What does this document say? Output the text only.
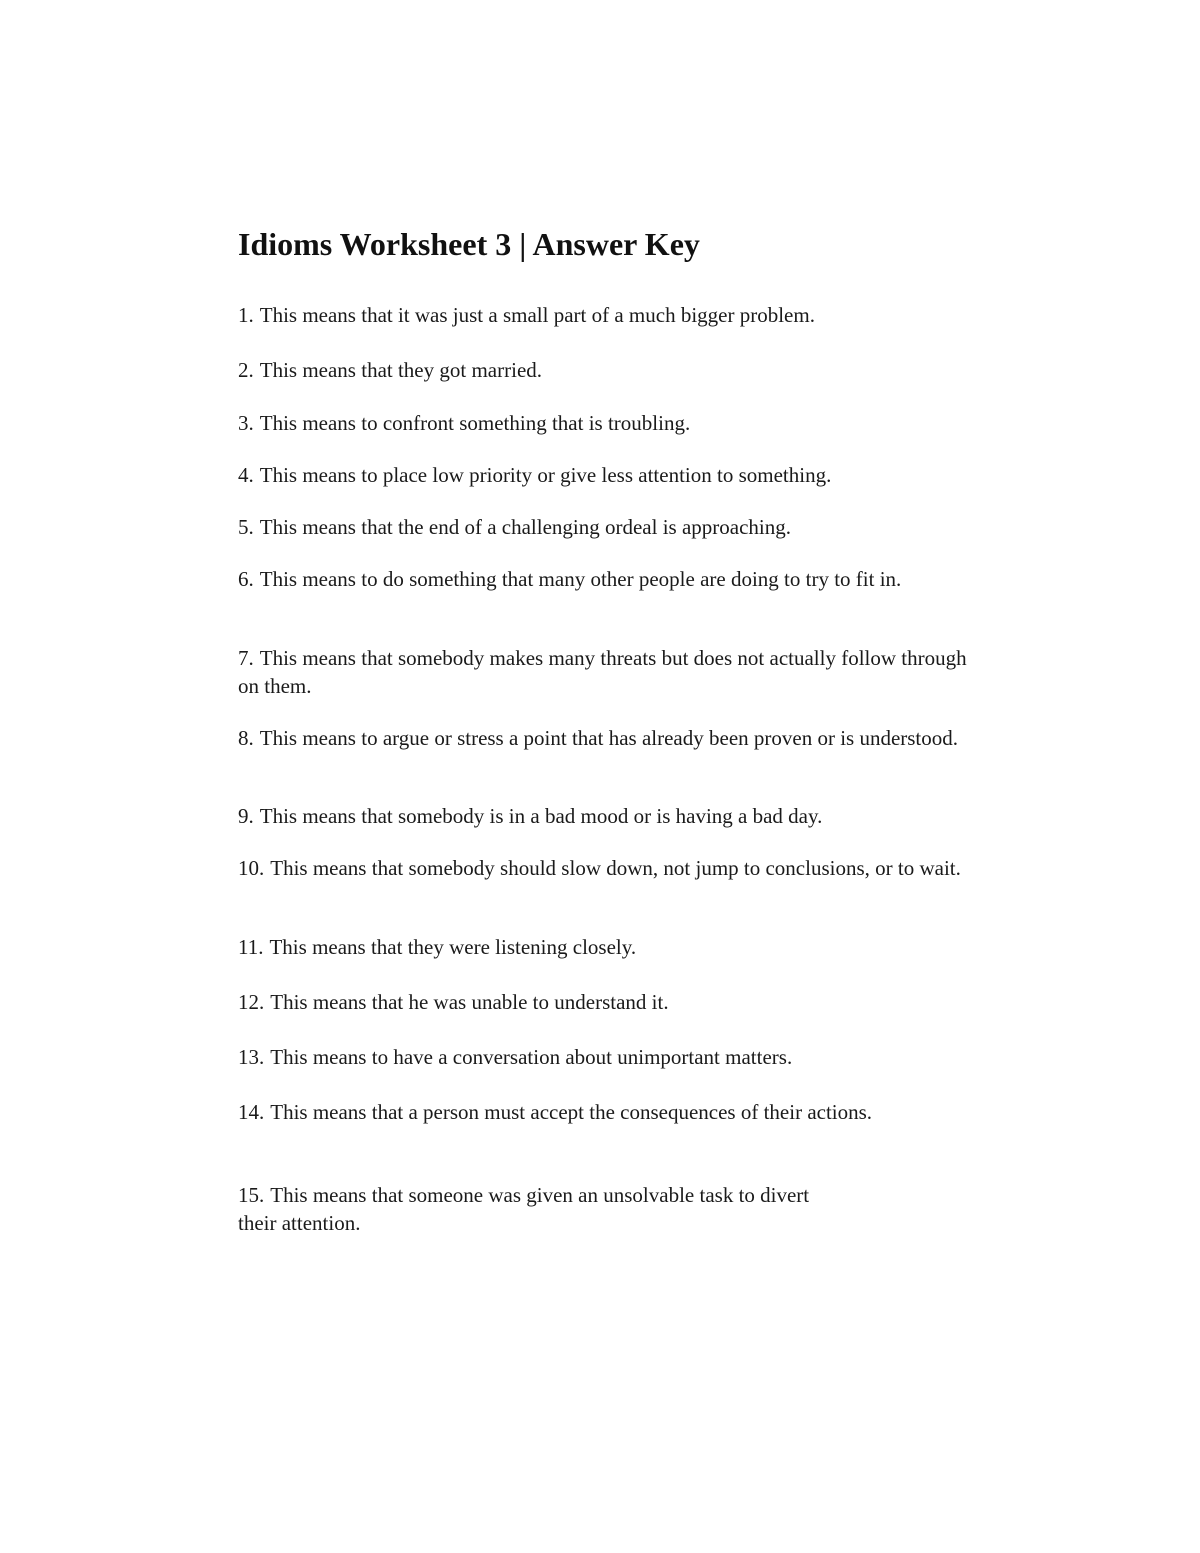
Idioms Worksheet 3 | Answer Key

1. This means that it was just a small part of a much bigger problem.

2. This means that they got married.

3. This means to confront something that is troubling.

4. This means to place low priority or give less attention to something.

5. This means that the end of a challenging ordeal is approaching.

6. This means to do something that many other people are doing to try to fit in.

7. This means that somebody makes many threats but does not actually follow through on them.

8. This means to argue or stress a point that has already been proven or is understood.

9. This means that somebody is in a bad mood or is having a bad day.

10. This means that somebody should slow down, not jump to conclusions, or to wait.

11. This means that they were listening closely.

12. This means that he was unable to understand it.

13. This means to have a conversation about unimportant matters.

14. This means that a person must accept the consequences of their actions.

15. This means that someone was given an unsolvable task to divert their attention.
